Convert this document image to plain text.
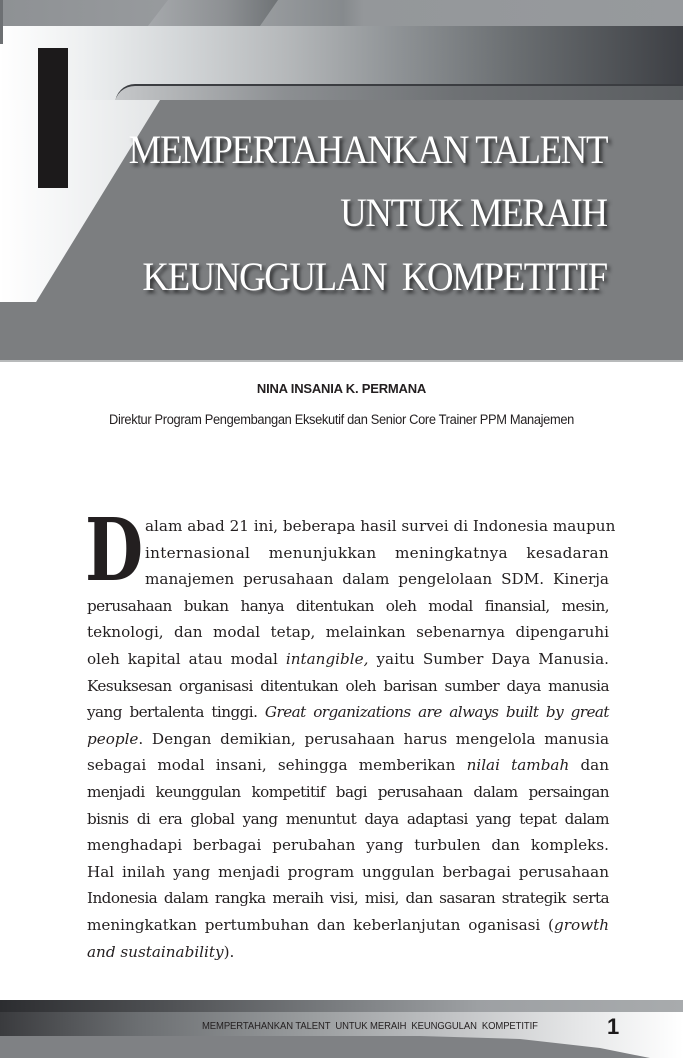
MEMPERTAHANKAN TALENT
UNTUK MERAIH
KEUNGGULAN  KOMPETITIF
NINA INSANIA K. PERMANA
Direktur Program Pengembangan Eksekutif dan Senior Core Trainer PPM Manajemen
D alam abad 21 ini, beberapa hasil survei di Indonesia maupun
internasional menunjukkan meningkatnya kesadaran
manajemen perusahaan dalam pengelolaan SDM. Kinerja
perusahaan bukan hanya ditentukan oleh modal finansial, mesin,
teknologi, dan modal tetap, melainkan sebenarnya dipengaruhi
oleh kapital atau modal intangible, yaitu Sumber Daya Manusia.
Kesuksesan organisasi ditentukan oleh barisan sumber daya manusia
yang bertalenta tinggi. Great organizations are always built by great
people. Dengan demikian, perusahaan harus mengelola manusia
sebagai modal insani, sehingga memberikan nilai tambah dan
menjadi keunggulan kompetitif bagi perusahaan dalam persaingan
bisnis di era global yang menuntut daya adaptasi yang tepat dalam
menghadapi berbagai perubahan yang turbulen dan kompleks.
Hal inilah yang menjadi program unggulan berbagai perusahaan
Indonesia dalam rangka meraih visi, misi, dan sasaran strategik serta
meningkatkan pertumbuhan dan keberlanjutan oganisasi (growth
and sustainability).
MEMPERTAHANKAN TALENT  UNTUK MERAIH  KEUNGGULAN  KOMPETITIF	1
